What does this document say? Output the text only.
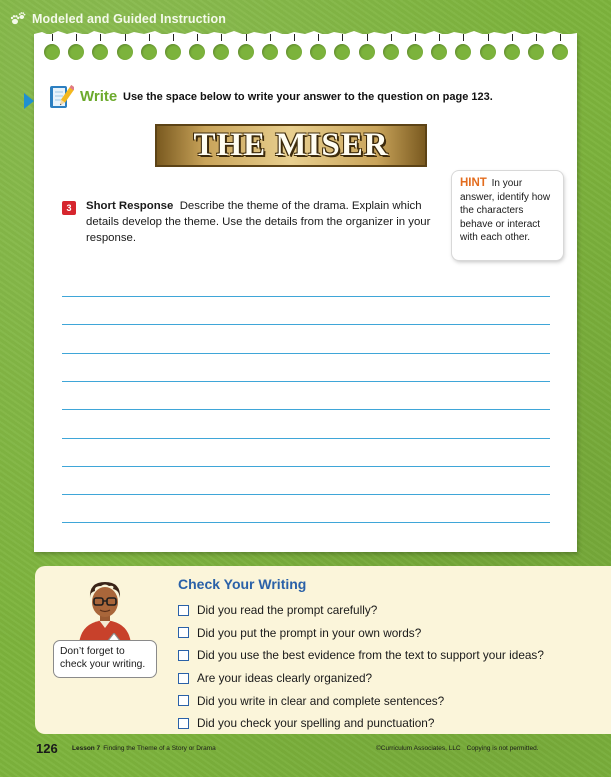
Modeled and Guided Instruction
Write Use the space below to write your answer to the question on page 123.
THE MISER
3	Short Response Describe the theme of the drama. Explain which details develop the theme. Use the details from the organizer in your response.

HINT In your answer, identify how the characters behave or interact with each other.
Don’t forget to check your writing.
Check Your Writing
Did you read the prompt carefully?
Did you put the prompt in your own words?
Did you use the best evidence from the text to support your ideas?
Are your ideas clearly organized?
Did you write in clear and complete sentences?
Did you check your spelling and punctuation?
126 Lesson 7 Finding the Theme of a Story or Drama	©Curriculum Associates, LLC Copying is not permitted.
